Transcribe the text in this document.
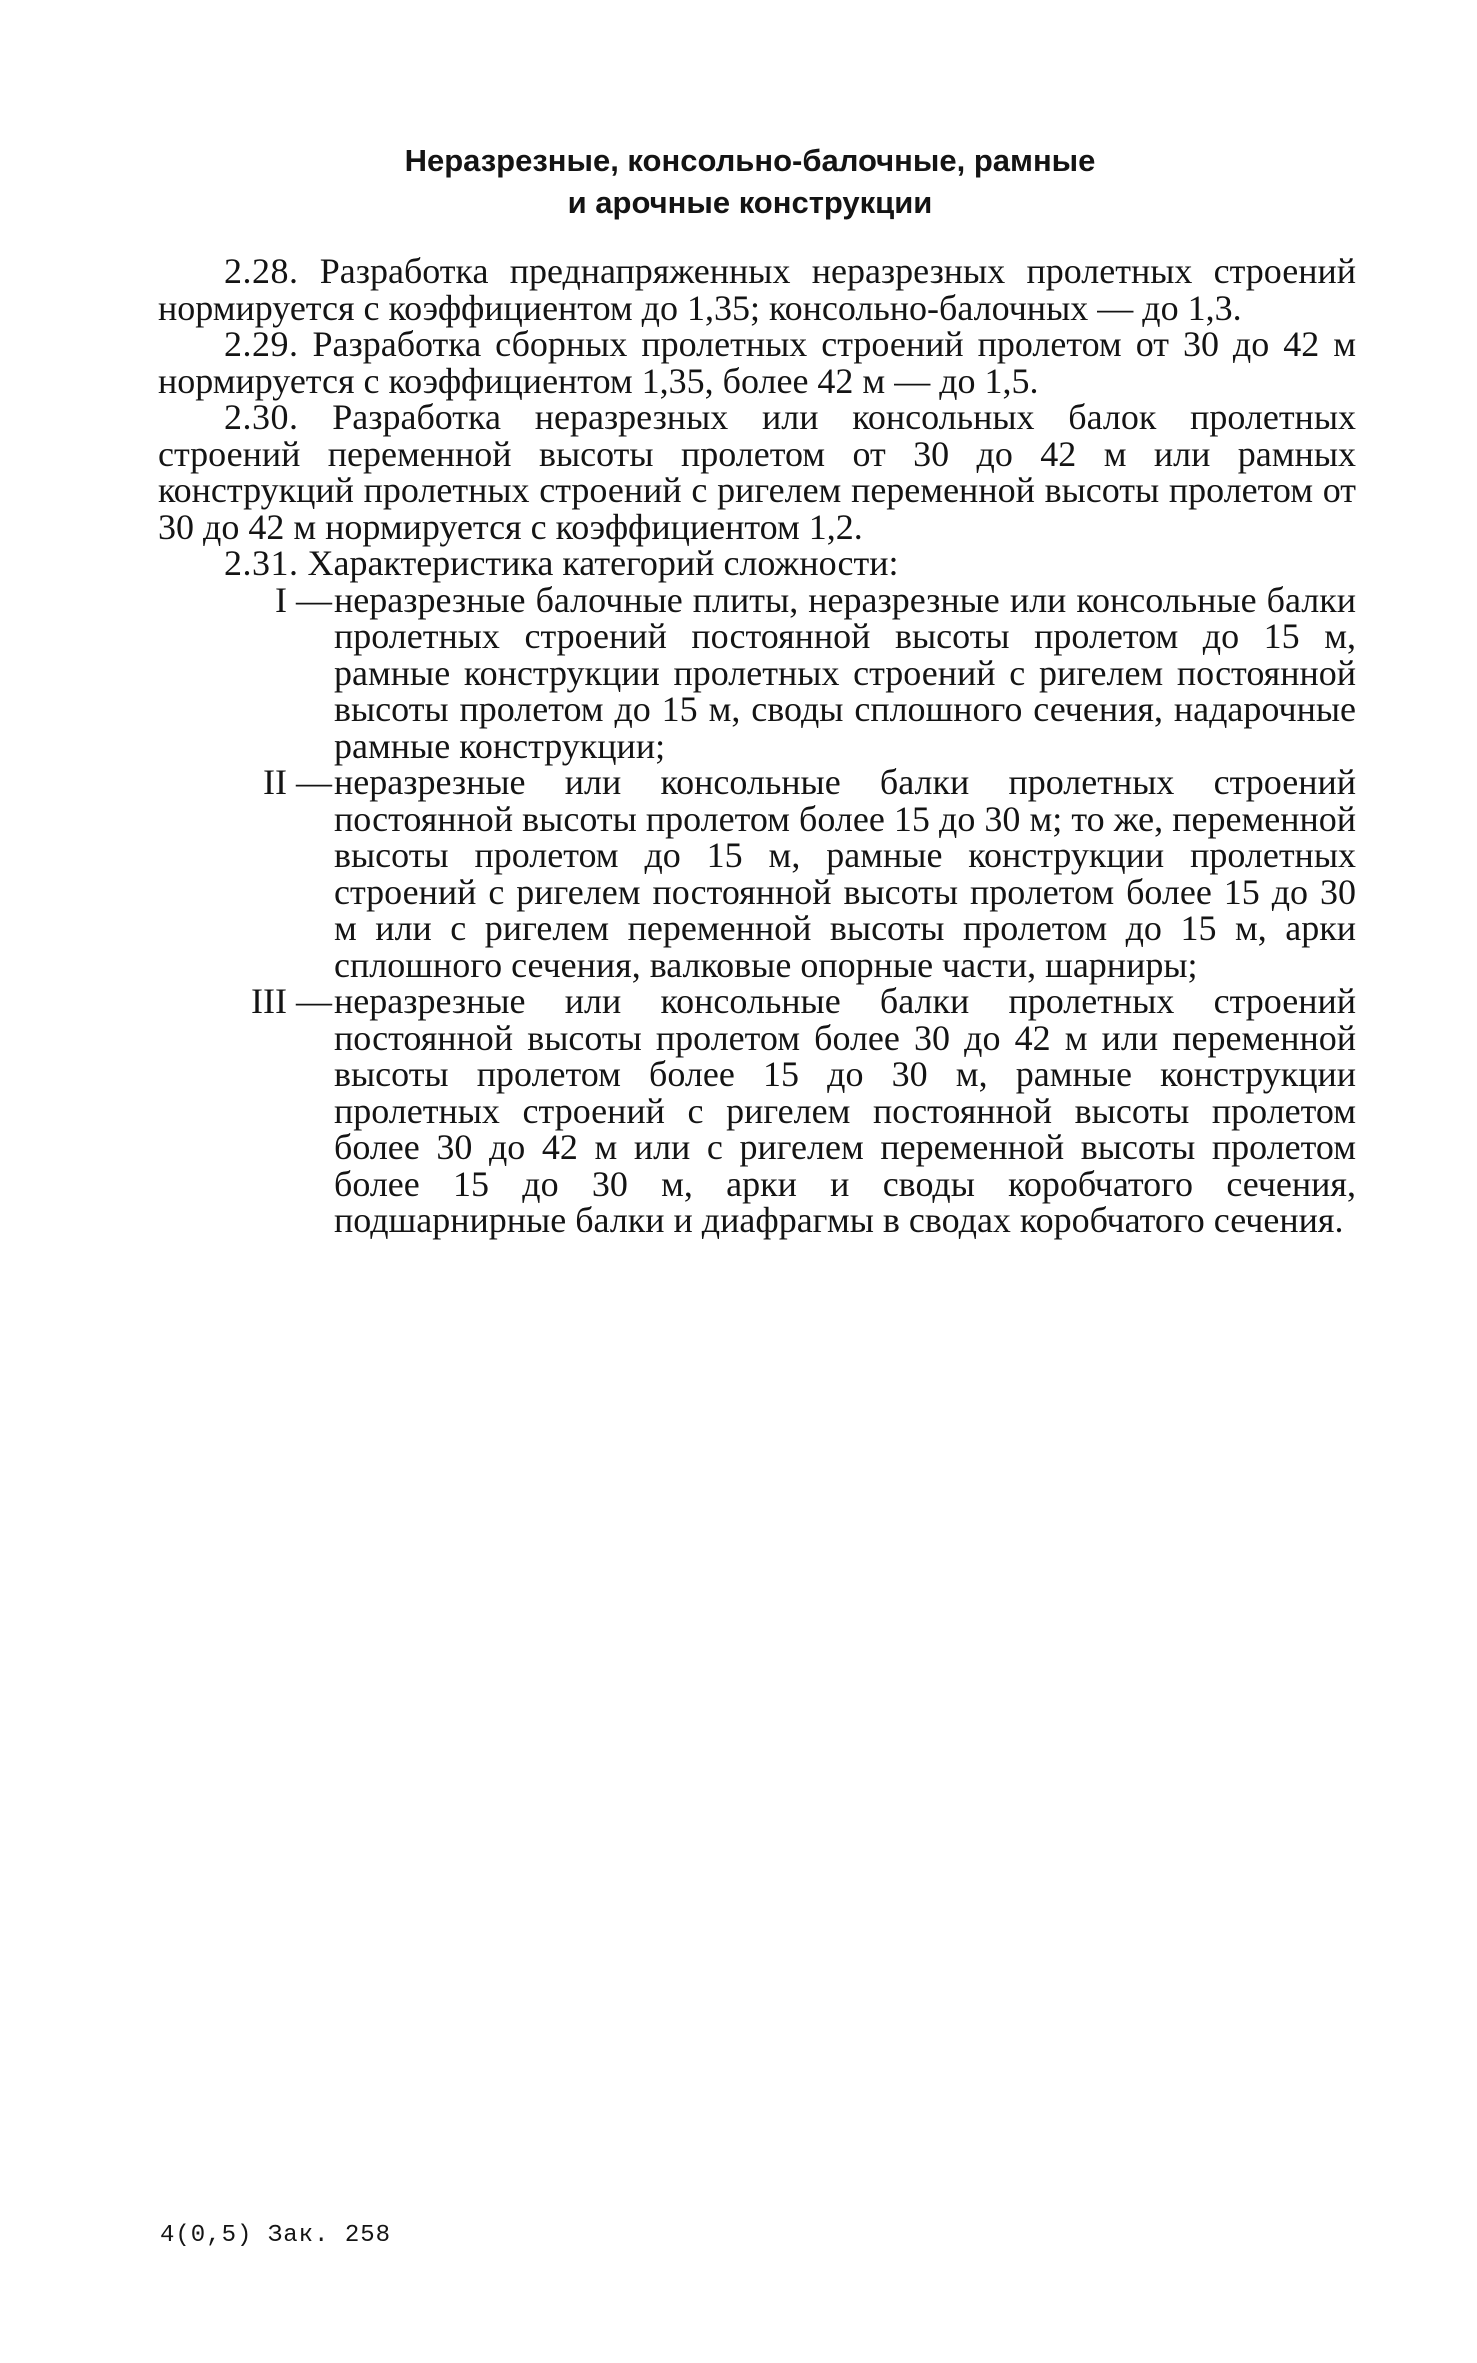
Неразрезные, консольно-балочные, рамные
и арочные конструкции

2.28. Разработка преднапряженных неразрезных пролетных строений нормируется с коэффициентом до 1,35; консольно-балочных — до 1,3.

2.29. Разработка сборных пролетных строений пролетом от 30 до 42 м нормируется с коэффициентом 1,35, более 42 м — до 1,5.

2.30. Разработка неразрезных или консольных балок пролетных строений переменной высоты пролетом от 30 до 42 м или рамных конструкций пролетных строений с ригелем переменной высоты пролетом от 30 до 42 м нормируется с коэффициентом 1,2.

2.31. Характеристика категорий сложности:

I — неразрезные балочные плиты, неразрезные или консольные балки пролетных строений постоянной высоты пролетом до 15 м, рамные конструкции пролетных строений с ригелем постоянной высоты пролетом до 15 м, своды сплошного сечения, надарочные рамные конструкции;
II — неразрезные или консольные балки пролетных строений постоянной высоты пролетом более 15 до 30 м; то же, переменной высоты пролетом до 15 м, рамные конструкции пролетных строений с ригелем постоянной высоты пролетом более 15 до 30 м или с ригелем переменной высоты пролетом до 15 м, арки сплошного сечения, валковые опорные части, шарниры;
III — неразрезные или консольные балки пролетных строений постоянной высоты пролетом более 30 до 42 м или переменной высоты пролетом более 15 до 30 м, рамные конструкции пролетных строений с ригелем постоянной высоты пролетом более 30 до 42 м или с ригелем переменной высоты пролетом более 15 до 30 м, арки и своды коробчатого сечения, подшарнирные балки и диафрагмы в сводах коробчатого сечения.
4(0,5) Зак. 258
